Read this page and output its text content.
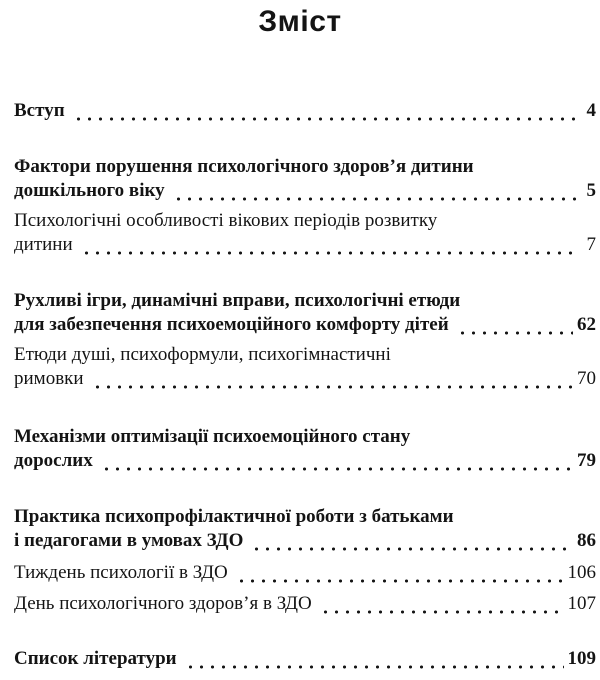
Зміст
Вступ	4
Фактори порушення психологічного здоров’я дитини
дошкільного віку	5
Психологічні особливості вікових періодів розвитку
дитини	7
Рухливі ігри, динамічні вправи, психологічні етюди
для забезпечення психоемоційного комфорту дітей	62
Етюди душі, психоформули, психогімнастичні
римовки	70
Механізми оптимізації психоемоційного стану
дорослих	79
Практика психопрофілактичної роботи з батьками
і педагогами в умовах ЗДО	86
Тиждень психології в ЗДО	106
День психологічного здоров’я в ЗДО	107
Список літератури	109
